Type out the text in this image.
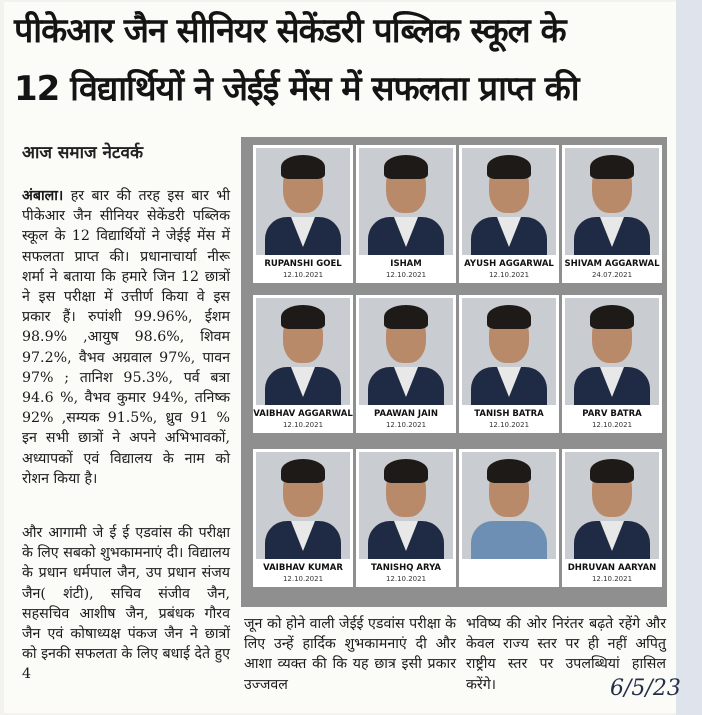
पीकेआर जैन सीनियर सेकेंडरी पब्लिक स्कूल के
12 विद्यार्थियों ने जेईई मेंस में सफलता प्राप्त की
आज समाज नेटवर्क

अंबाला। हर बार की तरह इस बार भी पीकेआर जैन सीनियर सेकेंडरी पब्लिक स्कूल के 12 विद्यार्थियों ने जेईई मेंस में सफलता प्राप्त की। प्रधानाचार्या नीरू शर्मा ने बताया कि हमारे जिन 12 छात्रों ने इस परीक्षा में उत्तीर्ण किया वे इस प्रकार हैं। रुपांशी 99.96%, ईशम 98.9% ,आयुष 98.6%, शिवम 97.2%, वैभव अग्रवाल 97%, पावन 97% ; तानिश 95.3%, पर्व बत्रा 94.6 %, वैभव कुमार 94%, तनिष्क 92% ,सम्यक 91.5%, ध्रुव 91 % इन सभी छात्रों ने अपने अभिभावकों, अध्यापकों एवं विद्यालय के नाम को रोशन किया है।

और आगामी जे ई ई एडवांस की परीक्षा के लिए सबको शुभकामनाएं दी। विद्यालय के प्रधान धर्मपाल जैन, उप प्रधान संजय जैन( शंटी), सचिव संजीव जैन, सहसचिव आशीष जैन, प्रबंधक गौरव जैन एवं कोषाध्यक्ष पंकज जैन ने छात्रों को इनकी सफलता के लिए बधाई देते हुए 4

जून को होने वाली जेईई एडवांस परीक्षा के लिए उन्हें हार्दिक शुभकामनाएं दी और आशा व्यक्त की कि यह छात्र इसी प्रकार उज्जवल

भविष्य की ओर निरंतर बढ़ते रहेंगे और केवल राज्य स्तर पर ही नहीं अपितु राष्ट्रीय स्तर पर उपलब्धियां हासिल करेंगे।

RUPANSHI GOEL
12.10.2021
ISHAM
12.10.2021
AYUSH AGGARWAL
12.10.2021
SHIVAM AGGARWAL
24.07.2021
VAIBHAV AGGARWAL
12.10.2021
PAAWAN JAIN
12.10.2021
TANISH BATRA
12.10.2021
PARV BATRA
12.10.2021
VAIBHAV KUMAR
12.10.2021
TANISHQ ARYA
12.10.2021
DHRUVAN AARYAN
12.10.2021
6/5/23
